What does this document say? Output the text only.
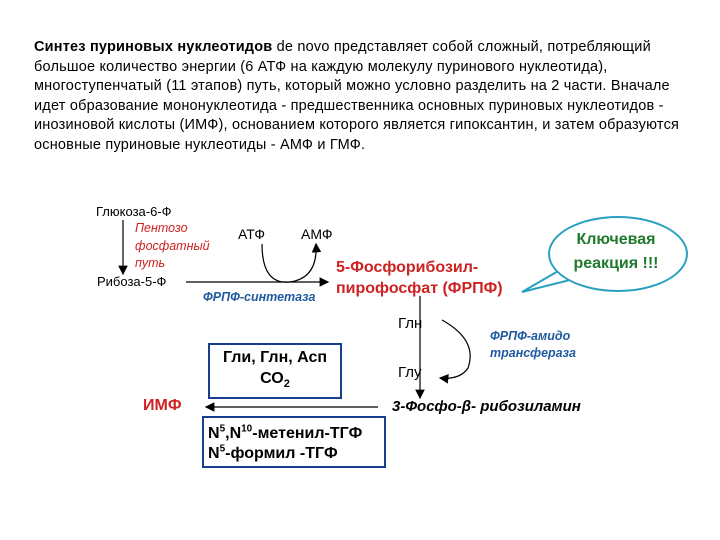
Синтез пуриновых нуклеотидов de novo представляет собой сложный, потребляющий большое количество энергии (6 АТФ на каждую молекулу пуринового нуклеотида), многоступенчатый (11 этапов) путь, который можно условно разделить на 2 части. Вначале идет образование мононуклеотида - предшественника основных пуриновых нуклеотидов - инозиновой кислоты (ИМФ), основанием которого является гипоксантин, и затем образуются основные пуриновые нуклеотиды - АМФ и ГМФ.

Глюкоза-6-Ф
Пентозо
фосфатный
путь
Рибоза-5-Ф
АТФ	АМФ
ФРПФ-синтетаза
5-Фосфорибозил-
пирофосфат (ФРПФ)
Ключевая
реакция !!!
Глн
Глу
ФРПФ-амидо
трансфераза
3-Фосфо-β- рибозиламин
Гли, Глн, Асп
$СО_2$
ИМФ
$N^5,N^{10}-метенил$-ТГФ
$N^5$-формил -ТГФ
